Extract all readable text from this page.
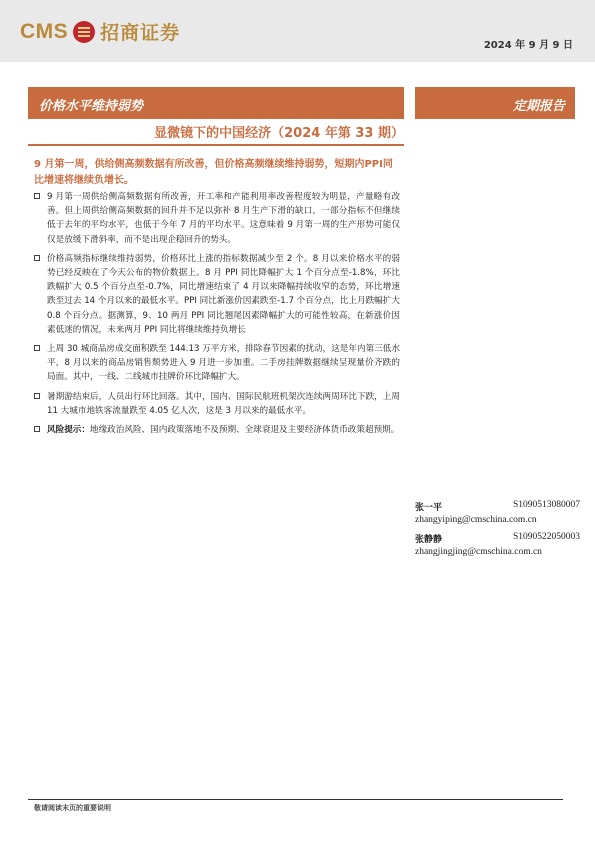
CMS 招商证券
2024 年 9 月 9 日
价格水平维持弱势	定期报告
显微镜下的中国经济（2024 年第 33 期）
9 月第一周，供给侧高频数据有所改善，但价格高频继续维持弱势，短期内PPI同比增速将继续负增长。
9 月第一周供给侧高频数据有所改善，开工率和产能利用率改善程度较为明显，产量略有改善。但上周供给侧高频数据的回升并不足以弥补 8 月生产下滑的缺口，一部分指标不但继续低于去年的平均水平，也低于今年 7 月的平均水平。这意味着 9 月第一周的生产形势可能仅仅是放缓下滑斜率，而不是出现企稳回升的势头。
价格高频指标继续维持弱势，价格环比上涨的指标数据减少至 2 个。8 月以来价格水平的弱势已经反映在了今天公布的物价数据上。8 月 PPI 同比降幅扩大 1 个百分点至-1.8%，环比跌幅扩大 0.5 个百分点至-0.7%，同比增速结束了 4 月以来降幅持续收窄的态势，环比增速跌至过去 14 个月以来的最低水平。PPI 同比新涨价因素跌至-1.7 个百分点，比上月跌幅扩大 0.8 个百分点。据测算，9、10 两月 PPI 同比翘尾因素降幅扩大的可能性较高，在新涨价因素低迷的情况，未来两月 PPI 同比将继续维持负增长
上周 30 城商品房成交面积跌至 144.13 万平方米，排除春节因素的扰动，这是年内第三低水平，8 月以来的商品房销售颓势进入 9 月进一步加重。二手房挂牌数据继续呈现量价齐跌的局面。其中，一线、二线城市挂牌价环比降幅扩大。
暑期游结束后，人员出行环比回落。其中，国内、国际民航班机架次连续两周环比下跌，上周 11 大城市地铁客流量跌至 4.05 亿人次，这是 3 月以来的最低水平。
风险提示：地缘政治风险、国内政策落地不及预期、全球衰退及主要经济体货币政策超预期。
张一平	S1090513080007
zhangyiping@cmschina.com.cn
张静静	S1090522050003
zhangjingjing@cmschina.com.cn
敬请阅读末页的重要说明
